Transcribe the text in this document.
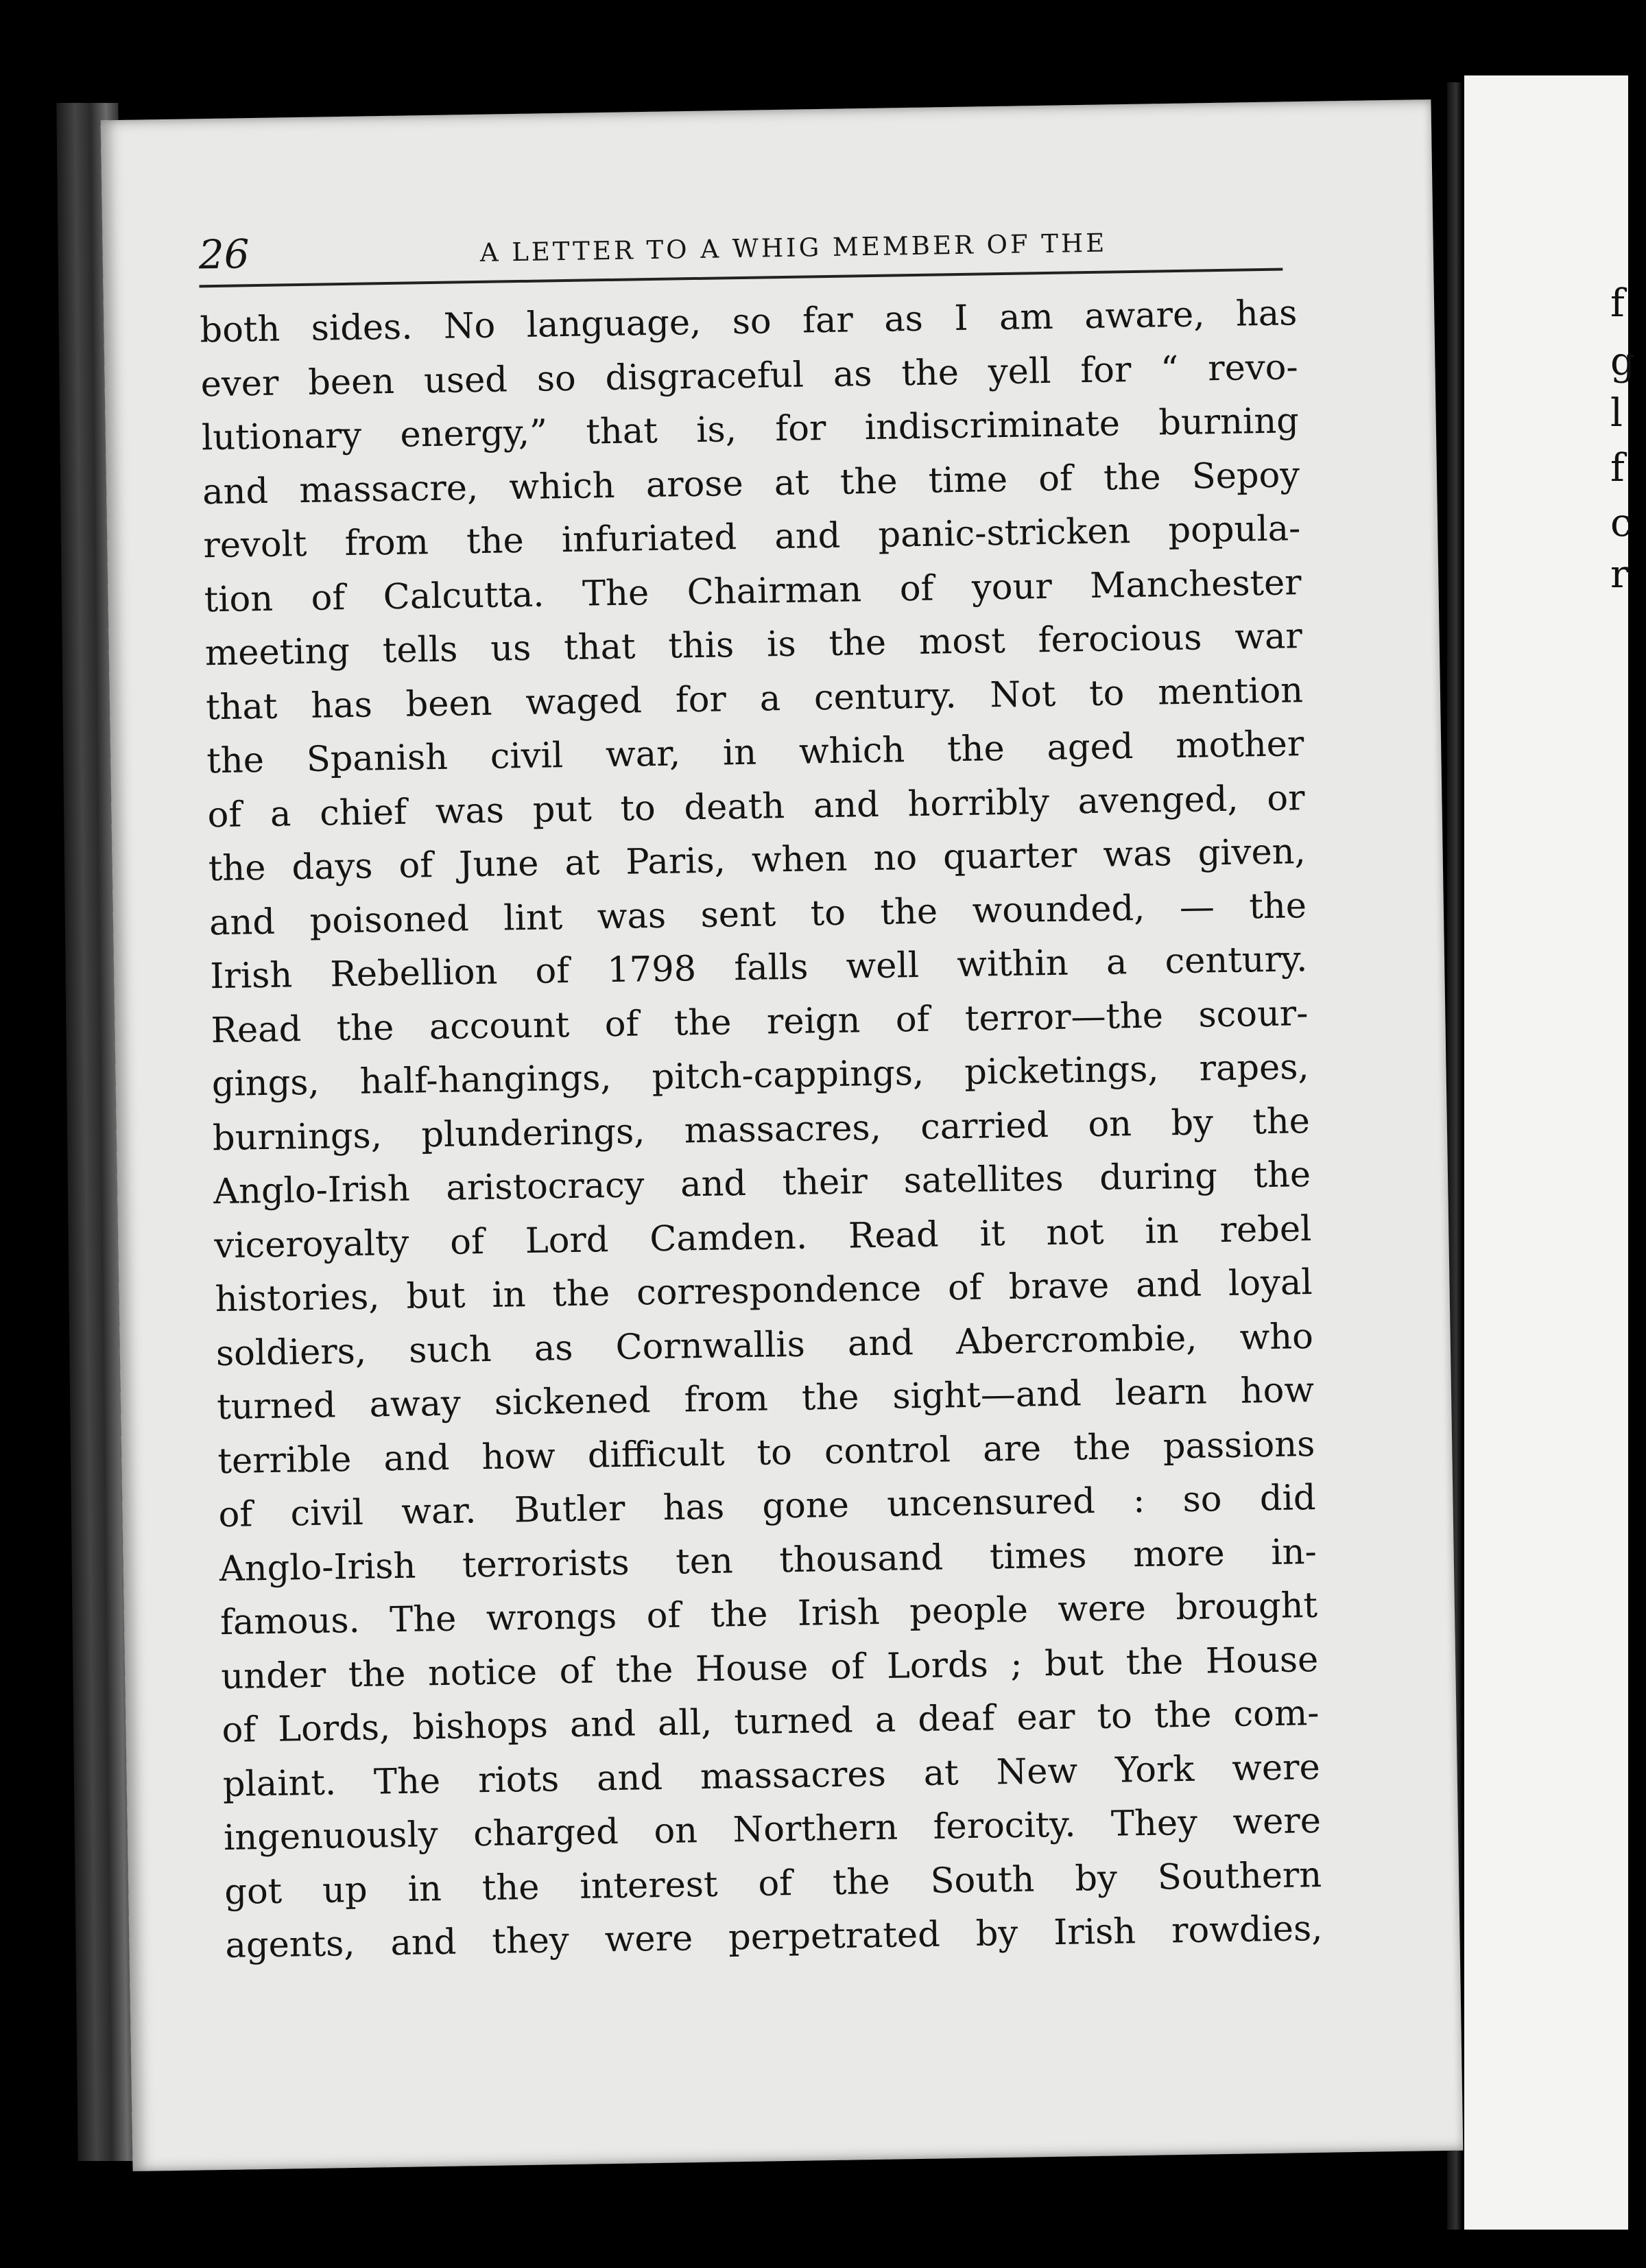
f
g
l
f
c
r
26	A LETTER TO A WHIG MEMBER OF THE
both sides. No language, so far as I am aware, has
ever been used so disgraceful as the yell for “ revo-
lutionary energy,” that is, for indiscriminate burning
and massacre, which arose at the time of the Sepoy
revolt from the infuriated and panic-stricken popula-
tion of Calcutta. The Chairman of your Manchester
meeting tells us that this is the most ferocious war
that has been waged for a century. Not to mention
the Spanish civil war, in which the aged mother
of a chief was put to death and horribly avenged, or
the days of June at Paris, when no quarter was given,
and poisoned lint was sent to the wounded, — the
Irish Rebellion of 1798 falls well within a century.
Read the account of the reign of terror—the scour-
gings, half-hangings, pitch-cappings, picketings, rapes,
burnings, plunderings, massacres, carried on by the
Anglo-Irish aristocracy and their satellites during the
viceroyalty of Lord Camden. Read it not in rebel
histories, but in the correspondence of brave and loyal
soldiers, such as Cornwallis and Abercrombie, who
turned away sickened from the sight—and learn how
terrible and how difficult to control are the passions
of civil war. Butler has gone uncensured : so did
Anglo-Irish terrorists ten thousand times more in-
famous. The wrongs of the Irish people were brought
under the notice of the House of Lords ; but the House
of Lords, bishops and all, turned a deaf ear to the com-
plaint. The riots and massacres at New York were
ingenuously charged on Northern ferocity. They were
got up in the interest of the South by Southern
agents, and they were perpetrated by Irish rowdies,
